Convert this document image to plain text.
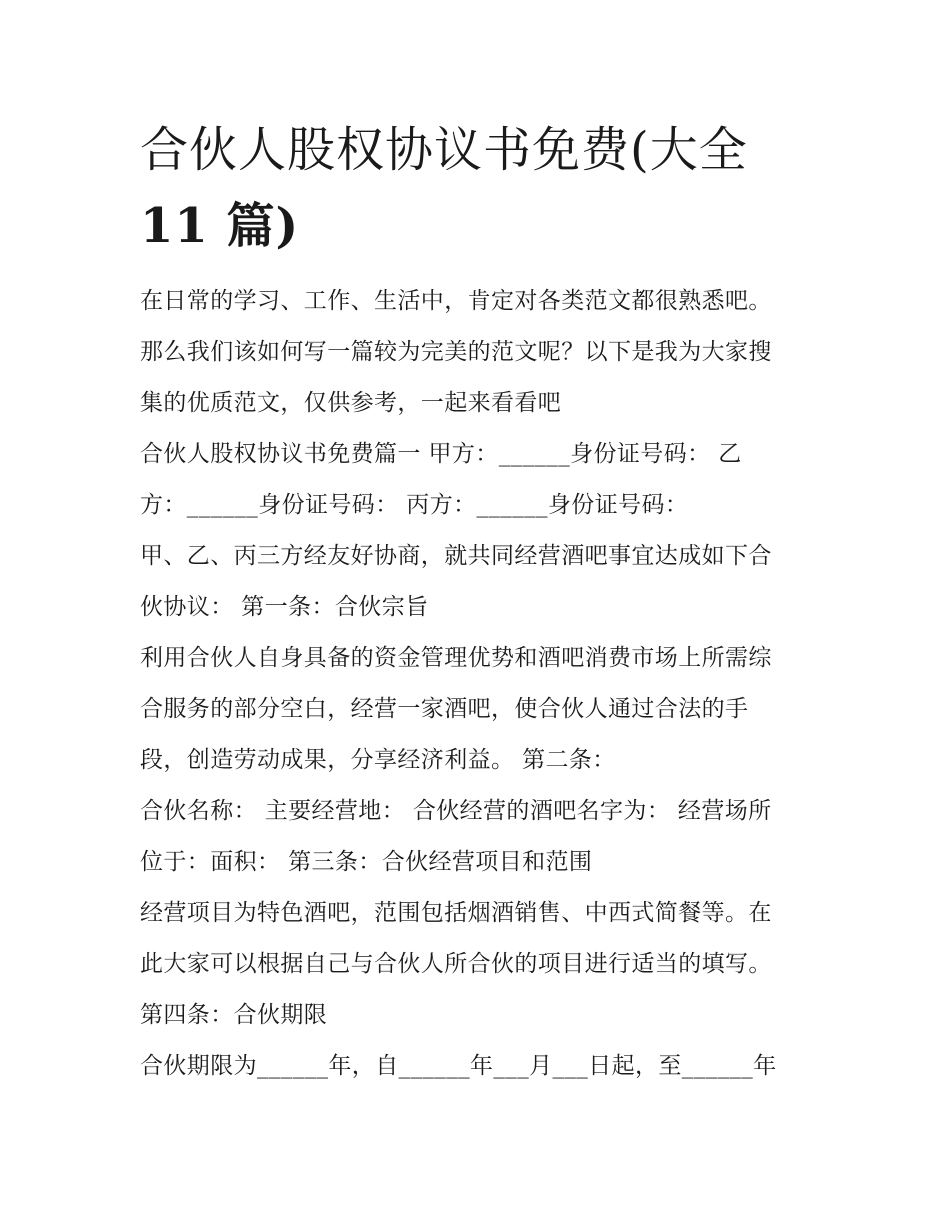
合伙人股权协议书免费(大全
11 篇)
在日常的学习、工作、生活中，肯定对各类范文都很熟悉吧。
那么我们该如何写一篇较为完美的范文呢？以下是我为大家搜
集的优质范文，仅供参考，一起来看看吧
合伙人股权协议书免费篇一 甲方：______身份证号码： 乙
方：______身份证号码： 丙方：______身份证号码：
甲、乙、丙三方经友好协商，就共同经营酒吧事宜达成如下合
伙协议： 第一条：合伙宗旨
利用合伙人自身具备的资金管理优势和酒吧消费市场上所需综
合服务的部分空白，经营一家酒吧，使合伙人通过合法的手
段，创造劳动成果，分享经济利益。 第二条：
合伙名称： 主要经营地： 合伙经营的酒吧名字为： 经营场所
位于：面积： 第三条：合伙经营项目和范围
经营项目为特色酒吧，范围包括烟酒销售、中西式简餐等。在
此大家可以根据自己与合伙人所合伙的项目进行适当的填写。
第四条：合伙期限
合伙期限为______年，自______年___月___日起，至______年
